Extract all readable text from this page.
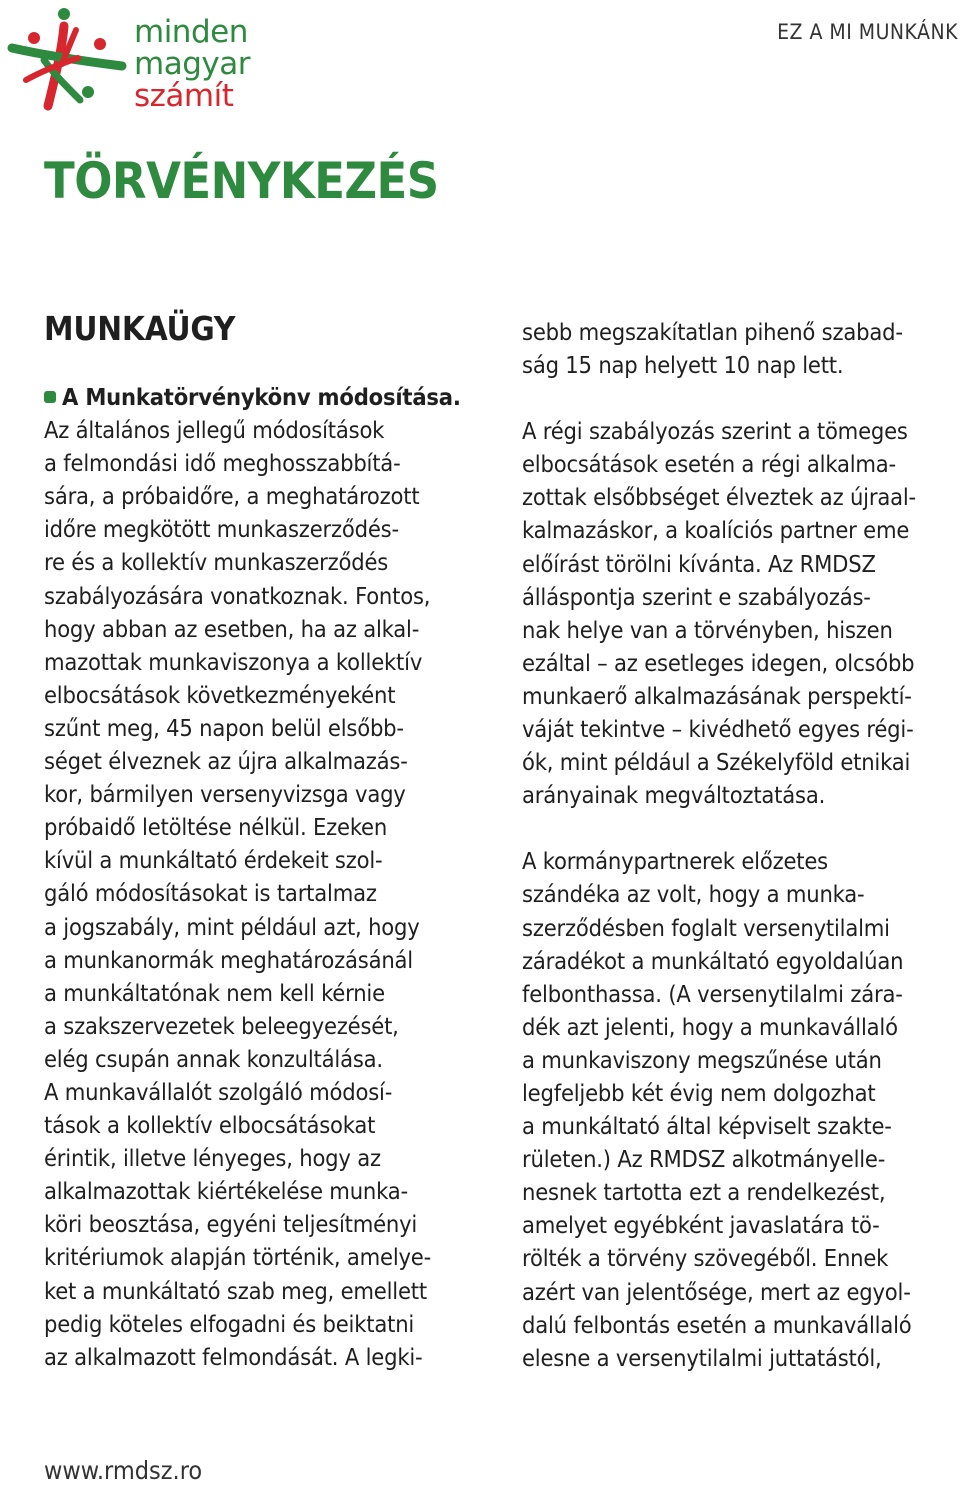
minden
magyar
számít
EZ A MI MUNKÁNK
TÖRVÉNYKEZÉS
MUNKAÜGY
A Munkatörvénykönv módosítása.
Az általános jellegű módosítások
a felmondási idő meghosszabbítá-
sára, a próbaidőre, a meghatározott
időre megkötött munkaszerződés-
re és a kollektív munkaszerződés
szabályozására vonatkoznak. Fontos,
hogy abban az esetben, ha az alkal-
mazottak munkaviszonya a kollektív
elbocsátások következményeként
szűnt meg, 45 napon belül elsőbb-
séget élveznek az újra alkalmazás-
kor, bármilyen versenyvizsga vagy
próbaidő letöltése nélkül. Ezeken
kívül a munkáltató érdekeit szol-
gáló módosításokat is tartalmaz
a jogszabály, mint például azt, hogy
a munkanormák meghatározásánál
a munkáltatónak nem kell kérnie
a szakszervezetek beleegyezését,
elég csupán annak konzultálása.
A munkavállalót szolgáló módosí-
tások a kollektív elbocsátásokat
érintik, illetve lényeges, hogy az
alkalmazottak kiértékelése munka-
köri beosztása, egyéni teljesítményi
kritériumok alapján történik, amelye-
ket a munkáltató szab meg, emellett
pedig köteles elfogadni és beiktatni
az alkalmazott felmondását. A legki-
sebb megszakítatlan pihenő szabad-
ság 15 nap helyett 10 nap lett.
A régi szabályozás szerint a tömeges
elbocsátások esetén a régi alkalma-
zottak elsőbbséget élveztek az újraal-
kalmazáskor, a koalíciós partner eme
előírást törölni kívánta. Az RMDSZ
álláspontja szerint e szabályozás-
nak helye van a törvényben, hiszen
ezáltal – az esetleges idegen, olcsóbb
munkaerő alkalmazásának perspektí-
váját tekintve – kivédhető egyes régi-
ók, mint például a Székelyföld etnikai
arányainak megváltoztatása.
A kormánypartnerek előzetes
szándéka az volt, hogy a munka-
szerződésben foglalt versenytilalmi
záradékot a munkáltató egyoldalúan
felbonthassa. (A versenytilalmi zára-
dék azt jelenti, hogy a munkavállaló
a munkaviszony megszűnése után
legfeljebb két évig nem dolgozhat
a munkáltató által képviselt szakte-
rületen.) Az RMDSZ alkotmányelle-
nesnek tartotta ezt a rendelkezést,
amelyet egyébként javaslatára tö-
rölték a törvény szövegéből. Ennek
azért van jelentősége, mert az egyol-
dalú felbontás esetén a munkavállaló
elesne a versenytilalmi juttatástól,
www.rmdsz.ro
